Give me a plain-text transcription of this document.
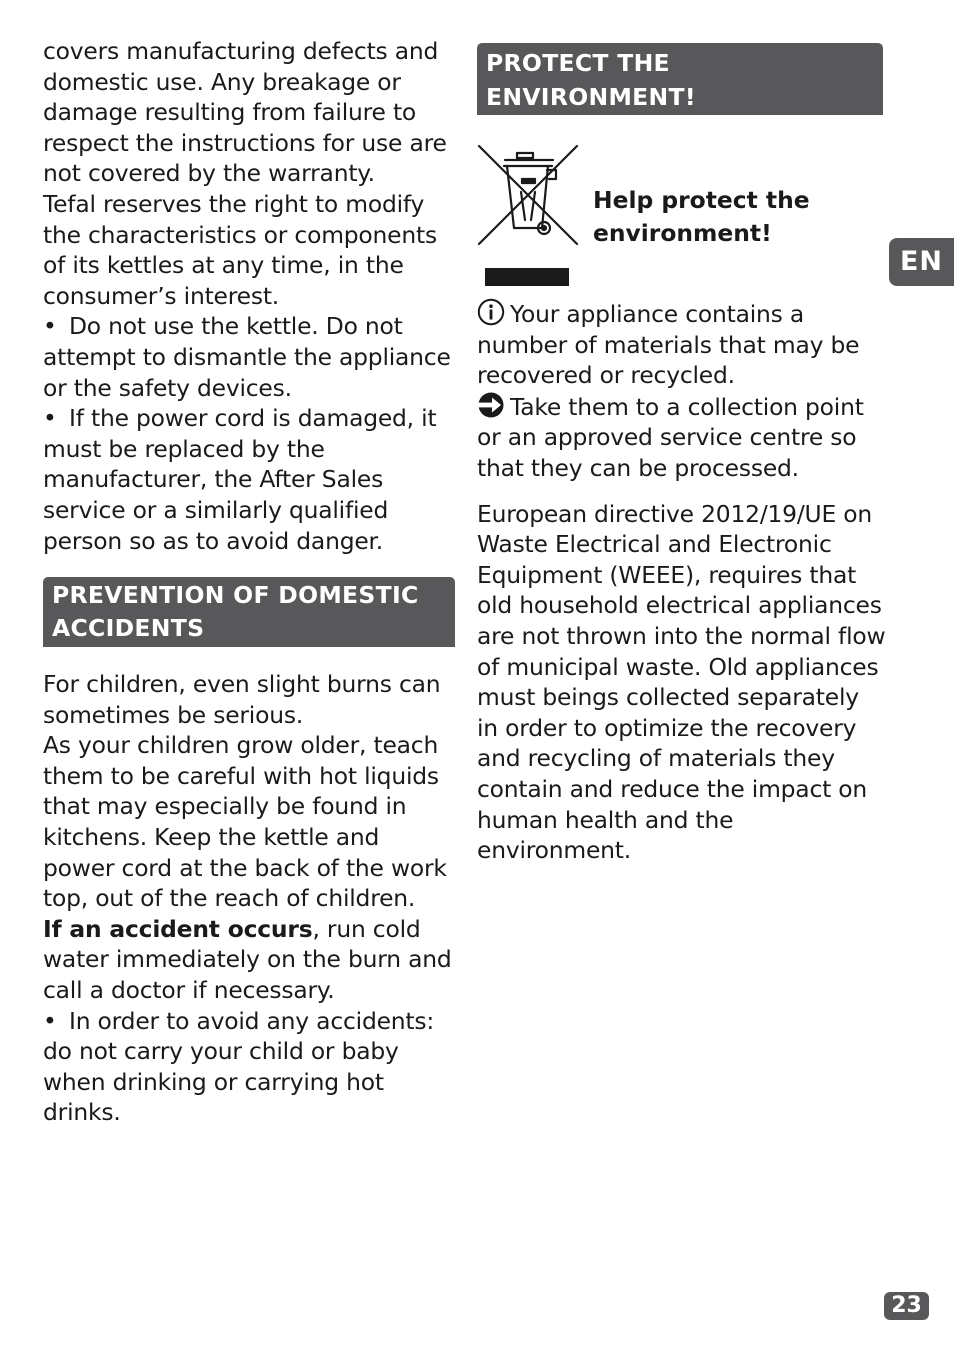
covers manufacturing defects and domestic use. Any breakage or damage resulting from failure to respect the instructions for use are not covered by the warranty.

Tefal reserves the right to modify the characteristics or components of its kettles at any time, in the consumer’s interest.

• Do not use the kettle. Do not attempt to dismantle the appliance or the safety devices.

• If the power cord is damaged, it must be replaced by the manufacturer, the After Sales service or a similarly qualified person so as to avoid danger.

PREVENTION OF DOMESTIC ACCIDENTS

For children, even slight burns can sometimes be serious.

As your children grow older, teach them to be careful with hot liquids that may especially be found in kitchens. Keep the kettle and power cord at the back of the work top, out of the reach of children.

If an accident occurs, run cold water immediately on the burn and call a doctor if necessary.

• In order to avoid any accidents: do not carry your child or baby when drinking or carrying hot drinks.

PROTECT THE ENVIRONMENT!

Help protect the
environment!

Your appliance contains a number of materials that may be recovered or recycled.

Take them to a collection point or an approved service centre so that they can be processed.

European directive 2012/19/UE on Waste Electrical and Electronic Equipment (WEEE), requires that old household electrical appliances are not thrown into the normal flow of municipal waste. Old appliances must beings collected separately in order to optimize the recovery and recycling of materials they contain and reduce the impact on human health and the environment.

EN
23
